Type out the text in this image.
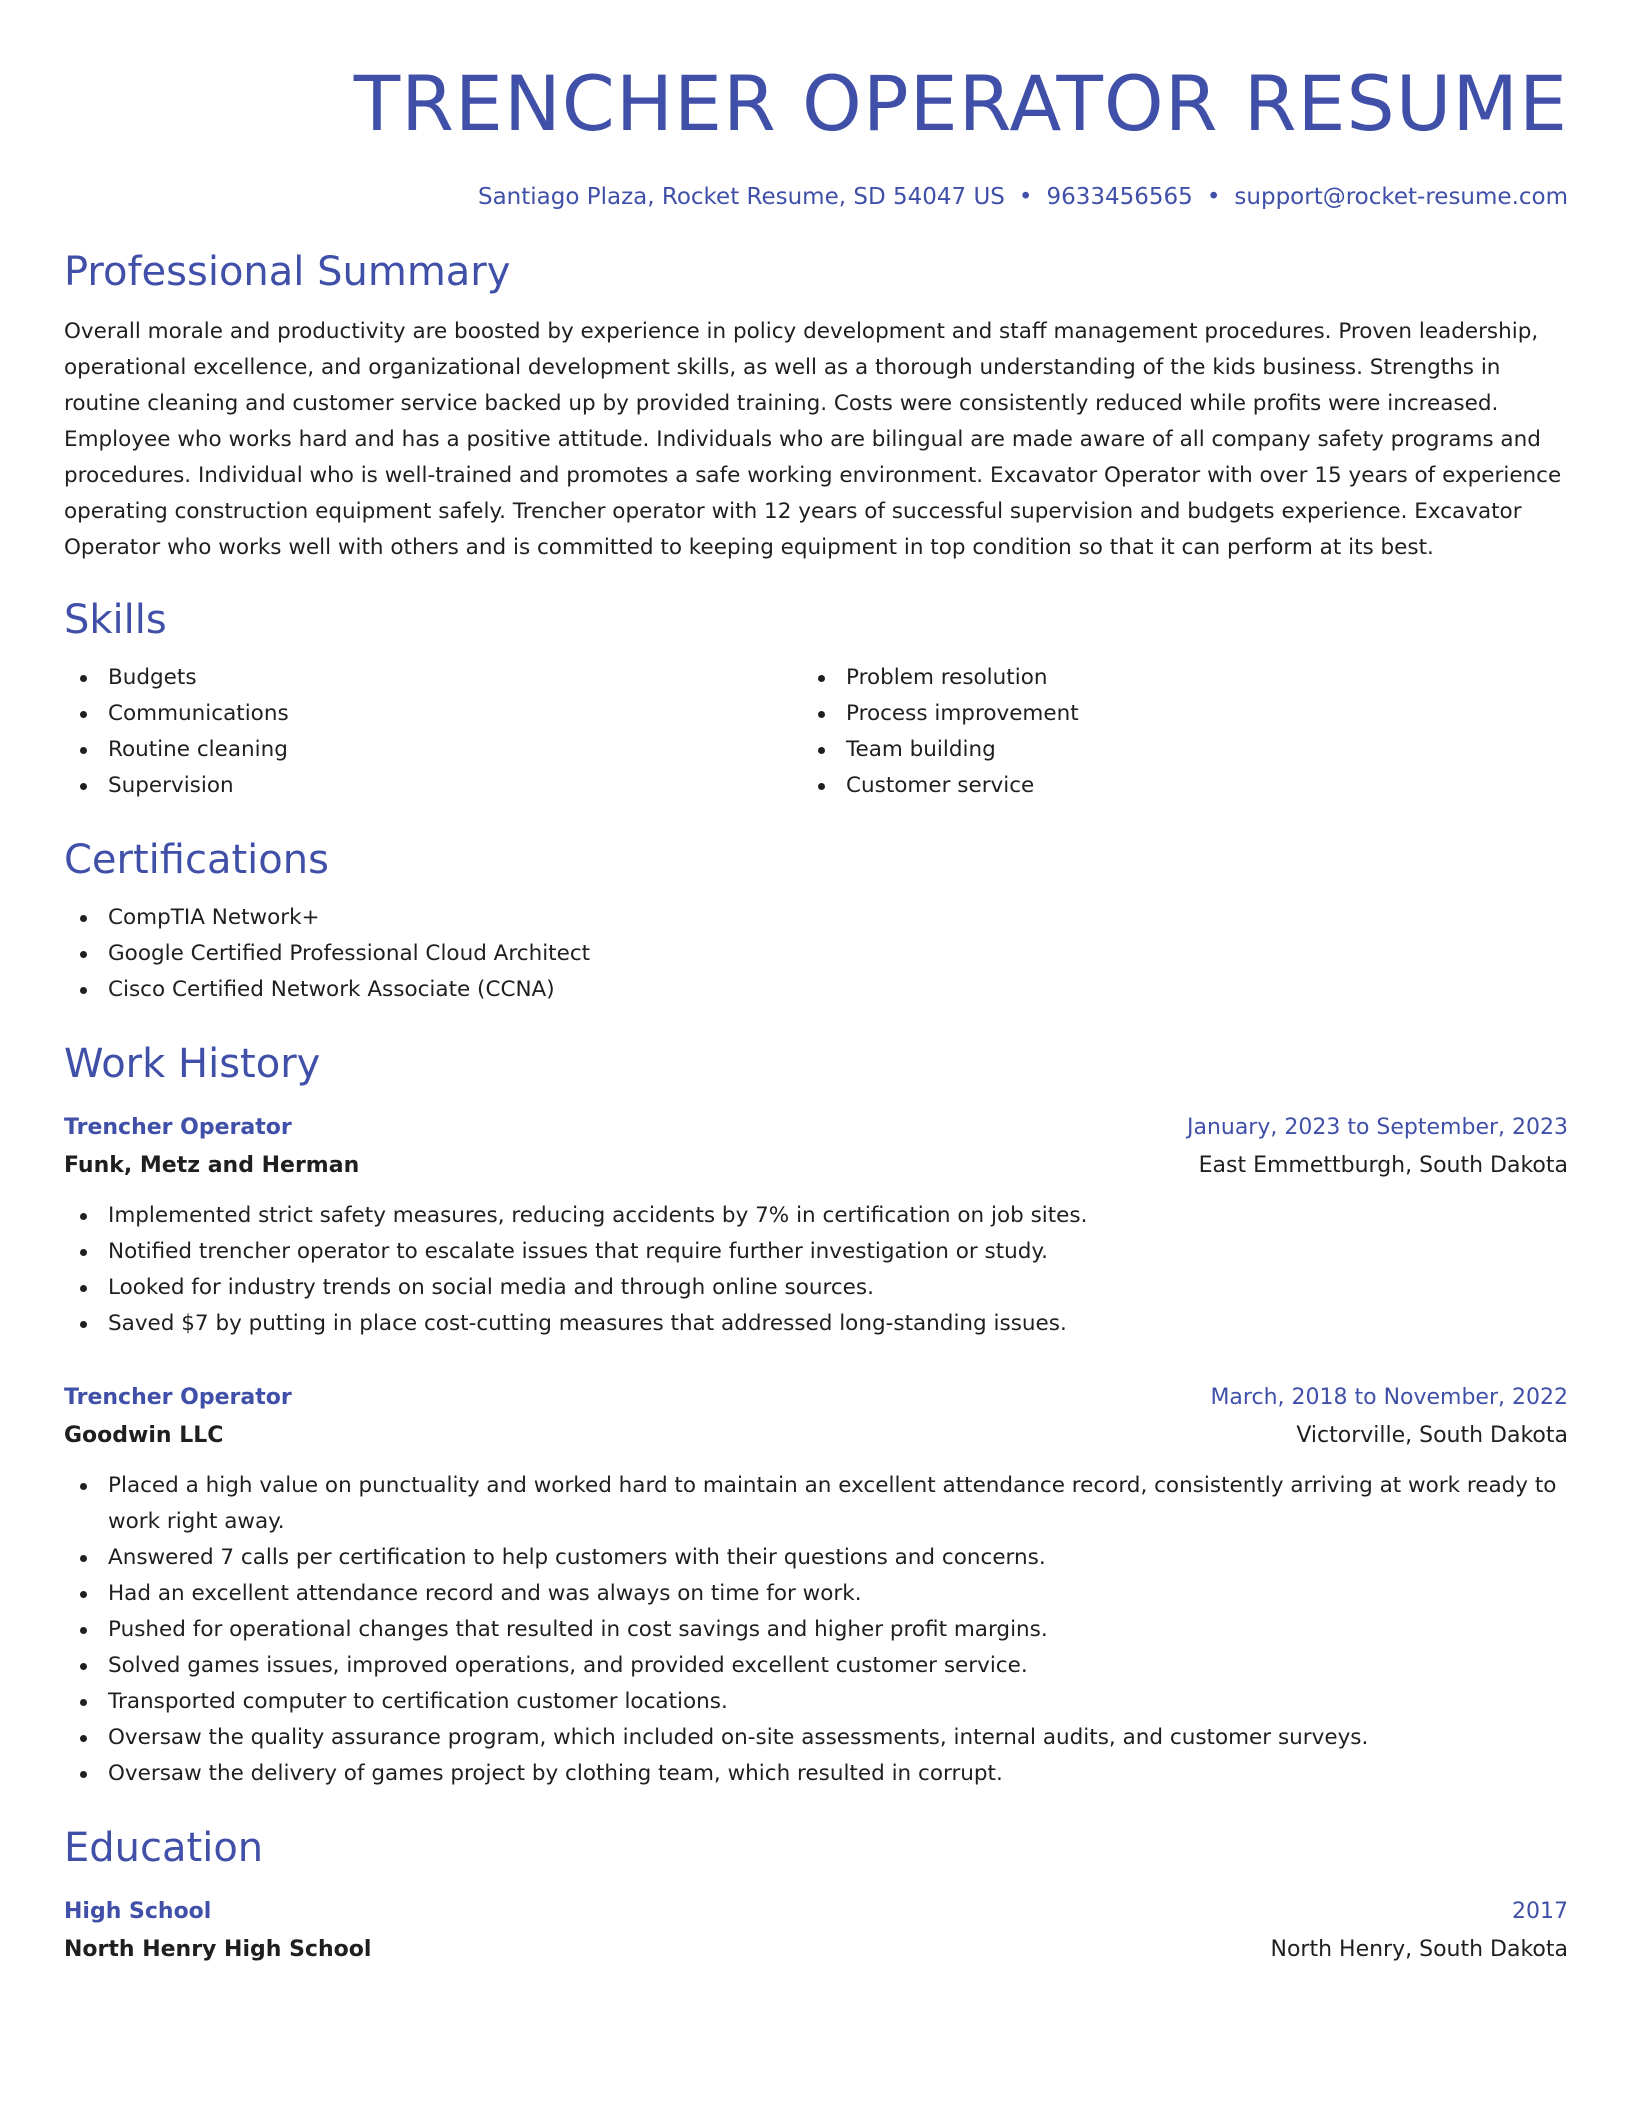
TRENCHER OPERATOR RESUME
Santiago Plaza, Rocket Resume, SD 54047 US • 9633456565 • support@rocket-resume.com
Professional Summary

Overall morale and productivity are boosted by experience in policy development and staff management procedures. Proven leadership, operational excellence, and organizational development skills, as well as a thorough understanding of the kids business. Strengths in routine cleaning and customer service backed up by provided training. Costs were consistently reduced while profits were increased. Employee who works hard and has a positive attitude. Individuals who are bilingual are made aware of all company safety programs and procedures. Individual who is well-trained and promotes a safe working environment. Excavator Operator with over 15 years of experience operating construction equipment safely. Trencher operator with 12 years of successful supervision and budgets experience. Excavator Operator who works well with others and is committed to keeping equipment in top condition so that it can perform at its best.

Skills
Budgets
Communications
Routine cleaning
Supervision
Problem resolution
Process improvement
Team building
Customer service
Certifications
CompTIA Network+
Google Certified Professional Cloud Architect
Cisco Certified Network Associate (CCNA)
Work History
Trencher Operator	January, 2023 to September, 2023
Funk, Metz and Herman	East Emmettburgh, South Dakota
Implemented strict safety measures, reducing accidents by 7% in certification on job sites.
Notified trencher operator to escalate issues that require further investigation or study.
Looked for industry trends on social media and through online sources.
Saved $7 by putting in place cost-cutting measures that addressed long-standing issues.
Trencher Operator	March, 2018 to November, 2022
Goodwin LLC	Victorville, South Dakota
Placed a high value on punctuality and worked hard to maintain an excellent attendance record, consistently arriving at work ready to work right away.
Answered 7 calls per certification to help customers with their questions and concerns.
Had an excellent attendance record and was always on time for work.
Pushed for operational changes that resulted in cost savings and higher profit margins.
Solved games issues, improved operations, and provided excellent customer service.
Transported computer to certification customer locations.
Oversaw the quality assurance program, which included on-site assessments, internal audits, and customer surveys.
Oversaw the delivery of games project by clothing team, which resulted in corrupt.
Education
High School	2017
North Henry High School	North Henry, South Dakota
